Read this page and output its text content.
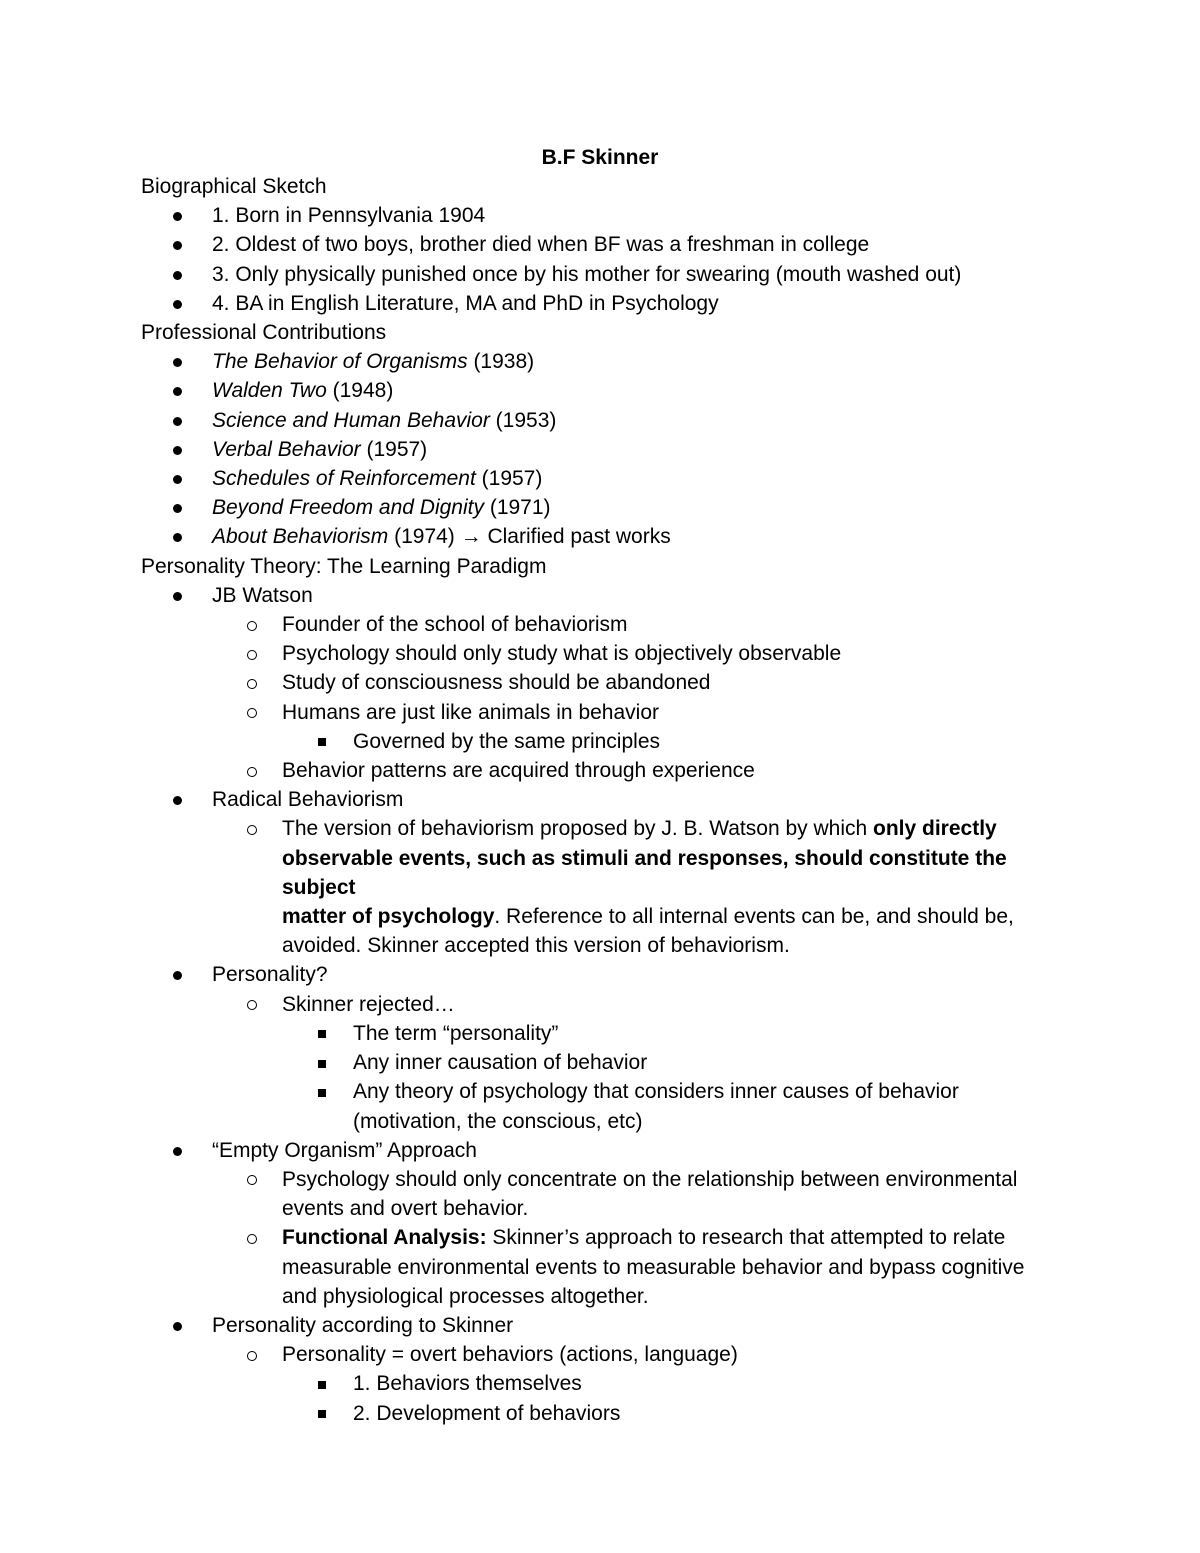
B.F Skinner
Biographical Sketch
1. Born in Pennsylvania 1904
2. Oldest of two boys, brother died when BF was a freshman in college
3. Only physically punished once by his mother for swearing (mouth washed out)
4. BA in English Literature, MA and PhD in Psychology
Professional Contributions
The Behavior of Organisms (1938)
Walden Two (1948)
Science and Human Behavior (1953)
Verbal Behavior (1957)
Schedules of Reinforcement (1957)
Beyond Freedom and Dignity (1971)
About Behaviorism (1974) → Clarified past works
Personality Theory: The Learning Paradigm
JB Watson
Founder of the school of behaviorism
Psychology should only study what is objectively observable
Study of consciousness should be abandoned
Humans are just like animals in behavior
Governed by the same principles
Behavior patterns are acquired through experience
Radical Behaviorism
The version of behaviorism proposed by J. B. Watson by which only directly
observable events, such as stimuli and responses, should constitute the subject
matter of psychology. Reference to all internal events can be, and should be,
avoided. Skinner accepted this version of behaviorism.
Personality?
Skinner rejected…
The term “personality”
Any inner causation of behavior
Any theory of psychology that considers inner causes of behavior
(motivation, the conscious, etc)
“Empty Organism” Approach
Psychology should only concentrate on the relationship between environmental
events and overt behavior.
Functional Analysis: Skinner’s approach to research that attempted to relate
measurable environmental events to measurable behavior and bypass cognitive
and physiological processes altogether.
Personality according to Skinner
Personality = overt behaviors (actions, language)
1. Behaviors themselves
2. Development of behaviors
